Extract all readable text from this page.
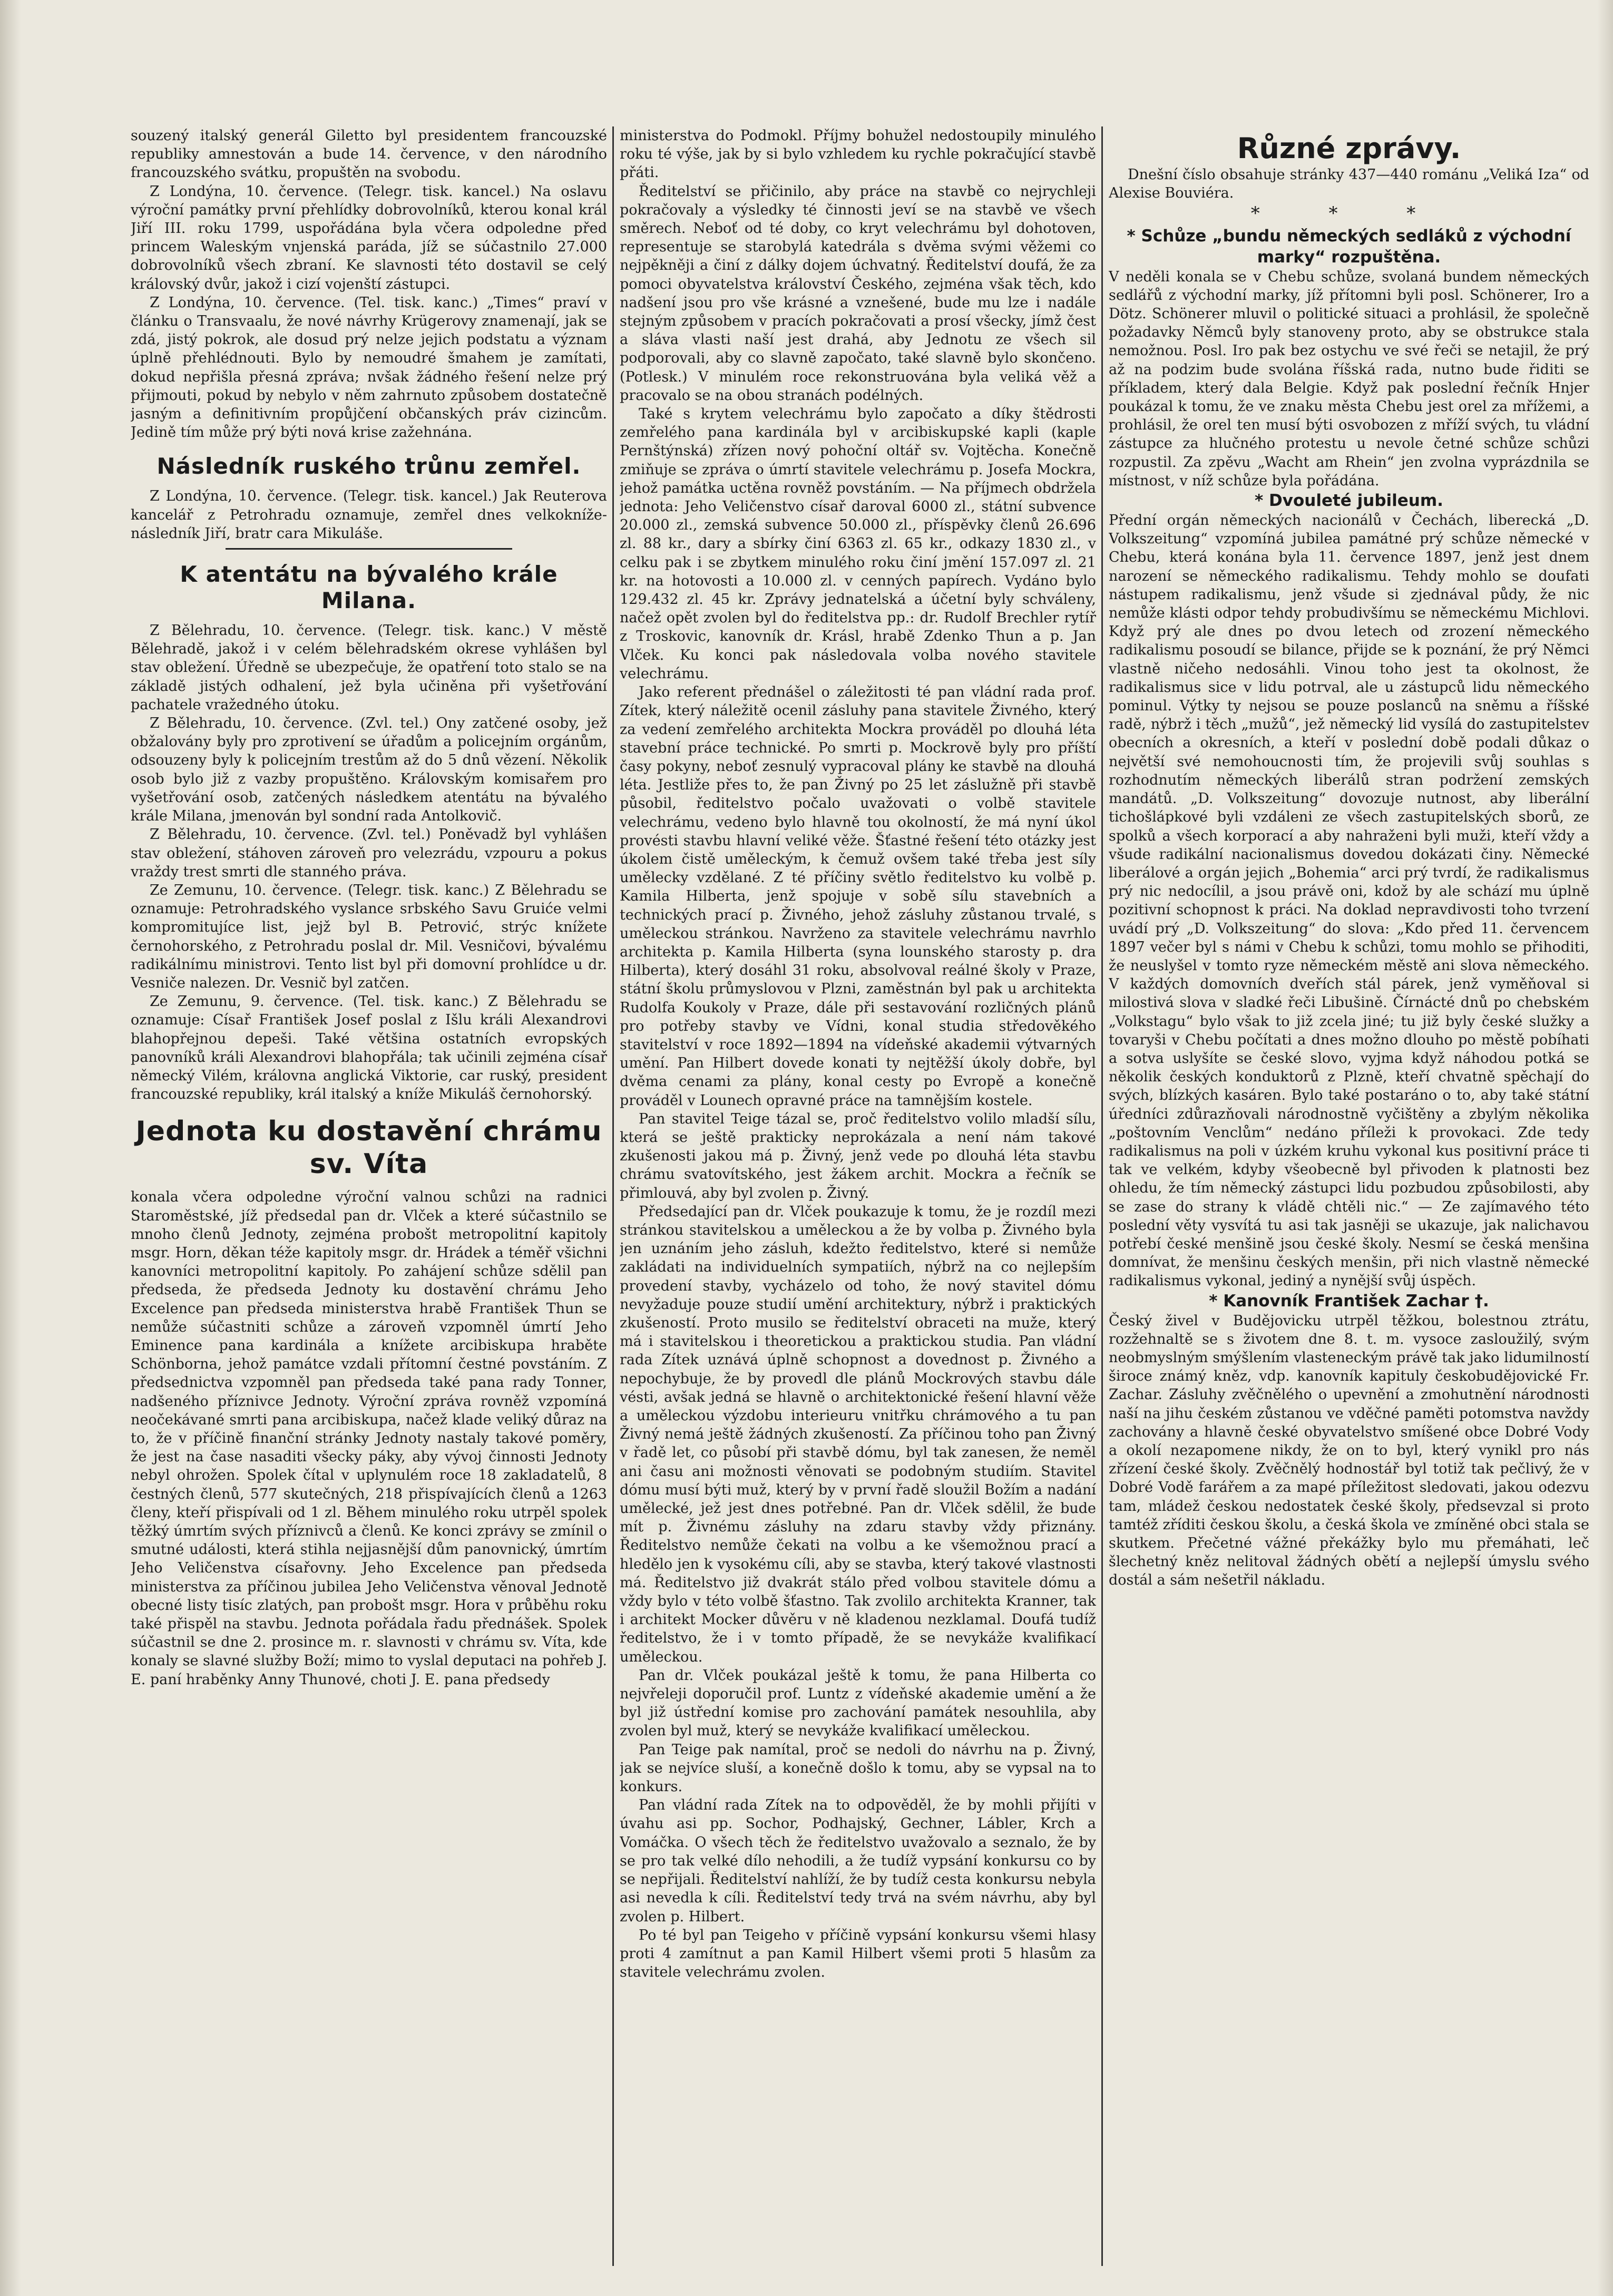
souzený italský generál Giletto byl presidentem francouzské republiky amnestován a bude 14. července, v den národního francouzského svátku, propuštěn na svobodu.

Z Londýna, 10. července. (Telegr. tisk. kancel.) Na oslavu výroční památky první přehlídky dobrovolníků, kterou konal král Jiří III. roku 1799, uspořádána byla včera odpoledne před princem Waleským vnjenská paráda, jíž se súčastnilo 27.000 dobrovolníků všech zbraní. Ke slavnosti této dostavil se celý královský dvůr, jakož i cizí vojenští zástupci.

Z Londýna, 10. července. (Tel. tisk. kanc.) „Times“ praví v článku o Transvaalu, že nové návrhy Krügerovy znamenají, jak se zdá, jistý pokrok, ale dosud prý nelze jejich podstatu a význam úplně přehlédnouti. Bylo by nemoudré šmahem je zamítati, dokud nepřišla přesná zpráva; nvšak žádného řešení nelze prý přijmouti, pokud by nebylo v něm zahrnuto způsobem dostatečně jasným a definitivním propůjčení občanských práv cizincům. Jedině tím může prý býti nová krise zažehnána.

Následník ruského trůnu zemřel.

Z Londýna, 10. července. (Telegr. tisk. kancel.) Jak Reuterova kancelář z Petrohradu oznamuje, zemřel dnes velkokníže-následník Jiří, bratr cara Mikuláše.

K atentátu na bývalého krále Milana.

Z Bělehradu, 10. července. (Telegr. tisk. kanc.) V městě Bělehradě, jakož i v celém bělehradském okrese vyhlášen byl stav obležení. Úředně se ubezpečuje, že opatření toto stalo se na základě jistých odhalení, jež byla učiněna při vyšetřování pachatele vražedného útoku.

Z Bělehradu, 10. července. (Zvl. tel.) Ony zatčené osoby, jež obžalovány byly pro zprotivení se úřadům a policejním orgánům, odsouzeny byly k policejním trestům až do 5 dnů vězení. Několik osob bylo již z vazby propuštěno. Královským komisařem pro vyšetřování osob, zatčených následkem atentátu na bývalého krále Milana, jmenován byl sondní rada Antolkovič.

Z Bělehradu, 10. července. (Zvl. tel.) Poněvadž byl vyhlášen stav obležení, stáhoven zároveň pro velezrádu, vzpouru a pokus vraždy trest smrti dle stanného práva.

Ze Zemunu, 10. července. (Telegr. tisk. kanc.) Z Bělehradu se oznamuje: Petrohradského vyslance srbského Savu Gruiće velmi kompromitujíce list, jejž byl B. Petrović, strýc knížete černohorského, z Petrohradu poslal dr. Mil. Vesničovi, bývalému radikálnímu ministrovi. Tento list byl při domovní prohlídce u dr. Vesniče nalezen. Dr. Vesnič byl zatčen.

Ze Zemunu, 9. července. (Tel. tisk. kanc.) Z Bělehradu se oznamuje: Císař František Josef poslal z Išlu králi Alexandrovi blahopřejnou depeši. Také většina ostatních evropských panovníků králi Alexandrovi blahopřála; tak učinili zejména císař německý Vilém, královna anglická Viktorie, car ruský, president francouzské republiky, král italský a kníže Mikuláš černohorský.

Jednota ku dostavění chrámu sv. Víta

konala včera odpoledne výroční valnou schůzi na radnici Staroměstské, jíž předsedal pan dr. Vlček a které súčastnilo se mnoho členů Jednoty, zejména probošt metropolitní kapitoly msgr. Horn, děkan téže kapitoly msgr. dr. Hrádek a téměř všichni kanovníci metropolitní kapitoly. Po zahájení schůze sdělil pan předseda, že předseda Jednoty ku dostavění chrámu Jeho Excelence pan předseda ministerstva hrabě František Thun se nemůže súčastniti schůze a zároveň vzpomněl úmrtí Jeho Eminence pana kardinála a knížete arcibiskupa hraběte Schönborna, jehož památce vzdali přítomní čestné povstáním. Z předsednictva vzpomněl pan předseda také pana rady Tonner, nadšeného příznivce Jednoty. Výroční zpráva rovněž vzpomíná neočekávané smrti pana arcibiskupa, načež klade veliký důraz na to, že v příčině finanční stránky Jednoty nastaly takové poměry, že jest na čase nasaditi všecky páky, aby vývoj činnosti Jednoty nebyl ohrožen. Spolek čítal v uplynulém roce 18 zakladatelů, 8 čestných členů, 577 skutečných, 218 přispívajících členů a 1263 členy, kteří přispívali od 1 zl. Během minulého roku utrpěl spolek těžký úmrtím svých příznivců a členů. Ke konci zprávy se zmínil o smutné události, která stihla nejjasnější dům panovnický, úmrtím Jeho Veličenstva císařovny. Jeho Excelence pan předseda ministerstva za příčinou jubilea Jeho Veličenstva věnoval Jednotě obecné listy tisíc zlatých, pan probošt msgr. Hora v průběhu roku také přispěl na stavbu. Jednota pořádala řadu přednášek. Spolek súčastnil se dne 2. prosince m. r. slavnosti v chrámu sv. Víta, kde konaly se slavné služby Boží; mimo to vyslal deputaci na pohřeb J. E. paní hraběnky Anny Thunové, choti J. E. pana předsedy

ministerstva do Podmokl. Příjmy bohužel nedostoupily minulého roku té výše, jak by si bylo vzhledem ku rychle pokračující stavbě přáti.

Ředitelství se přičinilo, aby práce na stavbě co nejrychleji pokračovaly a výsledky té činnosti jeví se na stavbě ve všech směrech. Neboť od té doby, co kryt velechrámu byl dohotoven, representuje se starobylá katedrála s dvěma svými věžemi co nejpěkněji a činí z dálky dojem úchvatný. Ředitelství doufá, že za pomoci obyvatelstva království Českého, zejména však těch, kdo nadšení jsou pro vše krásné a vznešené, bude mu lze i nadále stejným způsobem v pracích pokračovati a prosí všecky, jímž čest a sláva vlasti naší jest drahá, aby Jednotu ze všech sil podporovali, aby co slavně započato, také slavně bylo skončeno. (Potlesk.) V minulém roce rekonstruována byla veliká věž a pracovalo se na obou stranách podélných.

Také s krytem velechrámu bylo započato a díky štědrosti zemřelého pana kardinála byl v arcibiskupské kapli (kaple Pernštýnská) zřízen nový pohoční oltář sv. Vojtěcha. Konečně zmiňuje se zpráva o úmrtí stavitele velechrámu p. Josefa Mockra, jehož památka uctěna rovněž povstáním. — Na příjmech obdržela jednota: Jeho Veličenstvo císař daroval 6000 zl., státní subvence 20.000 zl., zemská subvence 50.000 zl., příspěvky členů 26.696 zl. 88 kr., dary a sbírky činí 6363 zl. 65 kr., odkazy 1830 zl., v celku pak i se zbytkem minulého roku činí jmění 157.097 zl. 21 kr. na hotovosti a 10.000 zl. v cenných papírech. Vydáno bylo 129.432 zl. 45 kr. Zprávy jednatelská a účetní byly schváleny, načež opět zvolen byl do ředitelstva pp.: dr. Rudolf Brechler rytíř z Troskovic, kanovník dr. Krásl, hrabě Zdenko Thun a p. Jan Vlček. Ku konci pak následovala volba nového stavitele velechrámu.

Jako referent přednášel o záležitosti té pan vládní rada prof. Zítek, který náležitě ocenil zásluhy pana stavitele Živného, který za vedení zemřelého architekta Mockra prováděl po dlouhá léta stavební práce technické. Po smrti p. Mockrově byly pro příští časy pokyny, neboť zesnulý vypracoval plány ke stavbě na dlouhá léta. Jestliže přes to, že pan Živný po 25 let záslužně při stavbě působil, ředitelstvo počalo uvažovati o volbě stavitele velechrámu, vedeno bylo hlavně tou okolností, že má nyní úkol provésti stavbu hlavní veliké věže. Šťastné řešení této otázky jest úkolem čistě uměleckým, k čemuž ovšem také třeba jest síly umělecky vzdělané. Z té příčiny světlo ředitelstvo ku volbě p. Kamila Hilberta, jenž spojuje v sobě sílu stavebních a technických prací p. Živného, jehož zásluhy zůstanou trvalé, s uměleckou stránkou. Navrženo za stavitele velechrámu navrhlo architekta p. Kamila Hilberta (syna lounského starosty p. dra Hilberta), který dosáhl 31 roku, absolvoval reálné školy v Praze, státní školu průmyslovou v Plzni, zaměstnán byl pak u architekta Rudolfa Koukoly v Praze, dále při sestavování rozličných plánů pro potřeby stavby ve Vídni, konal studia středověkého stavitelství v roce 1892—1894 na vídeňské akademii výtvarných umění. Pan Hilbert dovede konati ty nejtěžší úkoly dobře, byl dvěma cenami za plány, konal cesty po Evropě a konečně prováděl v Lounech opravné práce na tamnějším kostele.

Pan stavitel Teige tázal se, proč ředitelstvo volilo mladší sílu, která se ještě prakticky neprokázala a není nám takové zkušenosti jakou má p. Živný, jenž vede po dlouhá léta stavbu chrámu svatovítského, jest žákem archit. Mockra a řečník se přimlouvá, aby byl zvolen p. Živný.

Předsedající pan dr. Vlček poukazuje k tomu, že je rozdíl mezi stránkou stavitelskou a uměleckou a že by volba p. Živného byla jen uznáním jeho zásluh, kdežto ředitelstvo, které si nemůže zakládati na individuelních sympatiích, nýbrž na co nejlepším provedení stavby, vycházelo od toho, že nový stavitel dómu nevyžaduje pouze studií umění architektury, nýbrž i praktických zkušeností. Proto musilo se ředitelství obraceti na muže, který má i stavitelskou i theoretickou a praktickou studia. Pan vládní rada Zítek uznává úplně schopnost a dovednost p. Živného a nepochybuje, že by provedl dle plánů Mockrových stavbu dále vésti, avšak jedná se hlavně o architektonické řešení hlavní věže a uměleckou výzdobu interieuru vnitřku chrámového a tu pan Živný nemá ještě žádných zkušeností. Za příčinou toho pan Živný v řadě let, co působí při stavbě dómu, byl tak zanesen, že neměl ani času ani možnosti věnovati se podobným studiím. Stavitel dómu musí býti muž, který by v první řadě sloužil Božím a nadání umělecké, jež jest dnes potřebné. Pan dr. Vlček sdělil, že bude mít p. Živnému zásluhy na zdaru stavby vždy přiznány. Ředitelstvo nemůže čekati na volbu a ke všemožnou prací a hledělo jen k vysokému cíli, aby se stavba, který takové vlastnosti má. Ředitelstvo již dvakrát stálo před volbou stavitele dómu a vždy bylo v této volbě šťastno. Tak zvolilo architekta Kranner, tak i architekt Mocker důvěru v ně kladenou nezklamal. Doufá tudíž ředitelstvo, že i v tomto případě, že se nevykáže kvalifikací uměleckou.

Pan dr. Vlček poukázal ještě k tomu, že pana Hilberta co nejvřeleji doporučil prof. Luntz z vídeňské akademie umění a že byl již ústřední komise pro zachování památek nesouhlila, aby zvolen byl muž, který se nevykáže kvalifikací uměleckou.

Pan Teige pak namítal, proč se nedoli do návrhu na p. Živný, jak se nejvíce sluší, a konečně došlo k tomu, aby se vypsal na to konkurs.

Pan vládní rada Zítek na to odpověděl, že by mohli přijíti v úvahu asi pp. Sochor, Podhajský, Gechner, Lábler, Krch a Vomáčka. O všech těch že ředitelstvo uvažovalo a seznalo, že by se pro tak velké dílo nehodili, a že tudíž vypsání konkursu co by se nepřijali. Ředitelství nahlíží, že by tudíž cesta konkursu nebyla asi nevedla k cíli. Ředitelství tedy trvá na svém návrhu, aby byl zvolen p. Hilbert.

Po té byl pan Teigeho v příčině vypsání konkursu všemi hlasy proti 4 zamítnut a pan Kamil Hilbert všemi proti 5 hlasům za stavitele velechrámu zvolen.

Různé zprávy.

Dnešní číslo obsahuje stránky 437—440 románu „Veliká Iza“ od Alexise Bouviéra.

* * *
* Schůze „bundu německých sedláků z východní marky“ rozpuštěna.

V neděli konala se v Chebu schůze, svolaná bundem německých sedlářů z východní marky, jíž přítomni byli posl. Schönerer, Iro a Dötz. Schönerer mluvil o politické situaci a prohlásil, že společně požadavky Němců byly stanoveny proto, aby se obstrukce stala nemožnou. Posl. Iro pak bez ostychu ve své řeči se netajil, že prý až na podzim bude svolána říšská rada, nutno bude řiditi se příkladem, který dala Belgie. Když pak poslední řečník Hnjer poukázal k tomu, že ve znaku města Chebu jest orel za mřížemi, a prohlásil, že orel ten musí býti osvobozen z mříží svých, tu vládní zástupce za hlučného protestu u nevole četné schůze schůzi rozpustil. Za zpěvu „Wacht am Rhein“ jen zvolna vyprázdnila se místnost, v níž schůze byla pořádána.

* Dvouleté jubileum.

Přední orgán německých nacionálů v Čechách, liberecká „D. Volkszeitung“ vzpomíná jubilea památné prý schůze německé v Chebu, která konána byla 11. července 1897, jenž jest dnem narození se německého radikalismu. Tehdy mohlo se doufati nástupem radikalismu, jenž všude si zjednával půdy, že nic nemůže klásti odpor tehdy probudivšímu se německému Michlovi. Když prý ale dnes po dvou letech od zrození německého radikalismu posoudí se bilance, přijde se k poznání, že prý Němci vlastně ničeho nedosáhli. Vinou toho jest ta okolnost, že radikalismus sice v lidu potrval, ale u zástupců lidu německého pominul. Výtky ty nejsou se pouze poslanců na sněmu a říšské radě, nýbrž i těch „mužů“, jež německý lid vysílá do zastupitelstev obecních a okresních, a kteří v poslední době podali důkaz o největší své nemohoucnosti tím, že projevili svůj souhlas s rozhodnutím německých liberálů stran podržení zemských mandátů. „D. Volkszeitung“ dovozuje nutnost, aby liberální tichošlápkové byli vzdáleni ze všech zastupitelských sborů, ze spolků a všech korporací a aby nahraženi byli muži, kteří vždy a všude radikální nacionalismus dovedou dokázati činy. Německé liberálové a orgán jejich „Bohemia“ arci prý tvrdí, že radikalismus prý nic nedocílil, a jsou právě oni, kdož by ale schází mu úplně pozitivní schopnost k práci. Na doklad nepravdivosti toho tvrzení uvádí prý „D. Volkszeitung“ do slova: „Kdo před 11. červencem 1897 večer byl s námi v Chebu k schůzi, tomu mohlo se přihoditi, že neuslyšel v tomto ryze německém městě ani slova německého. V každých domovních dveřích stál párek, jenž vyměňoval si milostivá slova v sladké řeči Libušině. Čírnácté dnů po chebském „Volkstagu“ bylo však to již zcela jiné; tu již byly české služky a tovaryši v Chebu počítati a dnes možno dlouho po městě pobíhati a sotva uslyšíte se české slovo, vyjma když náhodou potká se několik českých konduktorů z Plzně, kteří chvatně spěchají do svých, blízkých kasáren. Bylo také postaráno o to, aby také státní úředníci zdůrazňovali národnostně vyčištěny a zbylým několika „poštovním Venclům“ nedáno příleži k provokaci. Zde tedy radikalismus na poli v úzkém kruhu vykonal kus positivní práce ti tak ve velkém, kdyby všeobecně byl přivoden k platnosti bez ohledu, že tím německý zástupci lidu pozbudou způsobilosti, aby se zase do strany k vládě chtěli nic.“ — Ze zajímavého této poslední věty vysvítá tu asi tak jasněji se ukazuje, jak nalichavou potřebí české menšině jsou české školy. Nesmí se česká menšina domnívat, že menšinu českých menšin, při nich vlastně německé radikalismus vykonal, jediný a nynější svůj úspěch.

* Kanovník František Zachar †.

Český živel v Budějovicku utrpěl těžkou, bolestnou ztrátu, rozžehnaltě se s životem dne 8. t. m. vysoce zasloužilý, svým neobmyslným smýšlením vlasteneckým právě tak jako lidumilností široce známý kněz, vdp. kanovník kapituly českobudějovické Fr. Zachar. Zásluhy zvěčnělého o upevnění a zmohutnění národnosti naší na jihu českém zůstanou ve vděčné paměti potomstva navždy zachovány a hlavně české obyvatelstvo smíšené obce Dobré Vody a okolí nezapomene nikdy, že on to byl, který vynikl pro nás zřízení české školy. Zvěčnělý hodnostář byl totiž tak pečlivý, že v Dobré Vodě farářem a za mapé příležitost sledovati, jakou odezvu tam, mládež českou nedostatek české školy, předsevzal si proto tamtéž zříditi českou školu, a česká škola ve zmíněné obci stala se skutkem. Přečetné vážné překážky bylo mu přemáhati, leč šlechetný kněz nelitoval žádných obětí a nejlepší úmyslu svého dostál a sám nešetřil nákladu.
